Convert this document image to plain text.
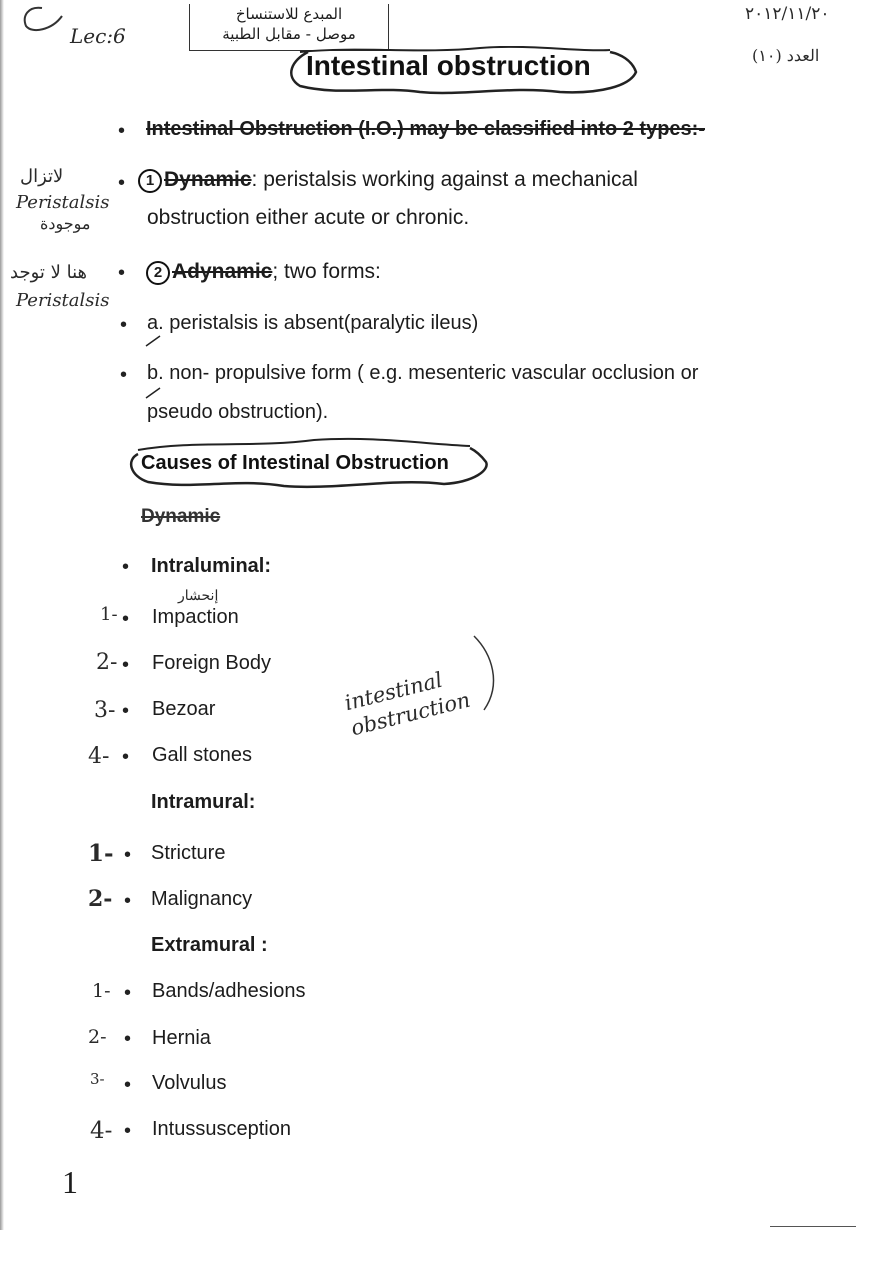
Lec:6
المبدع للاستنساخ
موصل - مقابل الطبية
٢٠١٢/١١/٢٠
العدد (١٠)
Intestinal obstruction
• Intestinal Obstruction (I.O.) may be classified into 2 types:-
لاتزال
Peristalsis
موجودة
•	1 Dynamic: peristalsis working against a mechanical
obstruction either acute or chronic.
هنا لا توجد
Peristalsis
•	2 Adynamic; two forms:
• a. peristalsis is absent(paralytic ileus)
• b. non- propulsive form ( e.g. mesenteric vascular occlusion or
pseudo obstruction).
Causes of Intestinal Obstruction
Dynamic
• Intraluminal:
إنحشار
1- • Impaction
2- • Foreign Body
3- • Bezoar
4- • Gall stones
intestinal obstruction
Intramural:
1- • Stricture
2- • Malignancy
Extramural :
1- • Bands/adhesions
2- • Hernia
3- • Volvulus
4- • Intussusception
1
